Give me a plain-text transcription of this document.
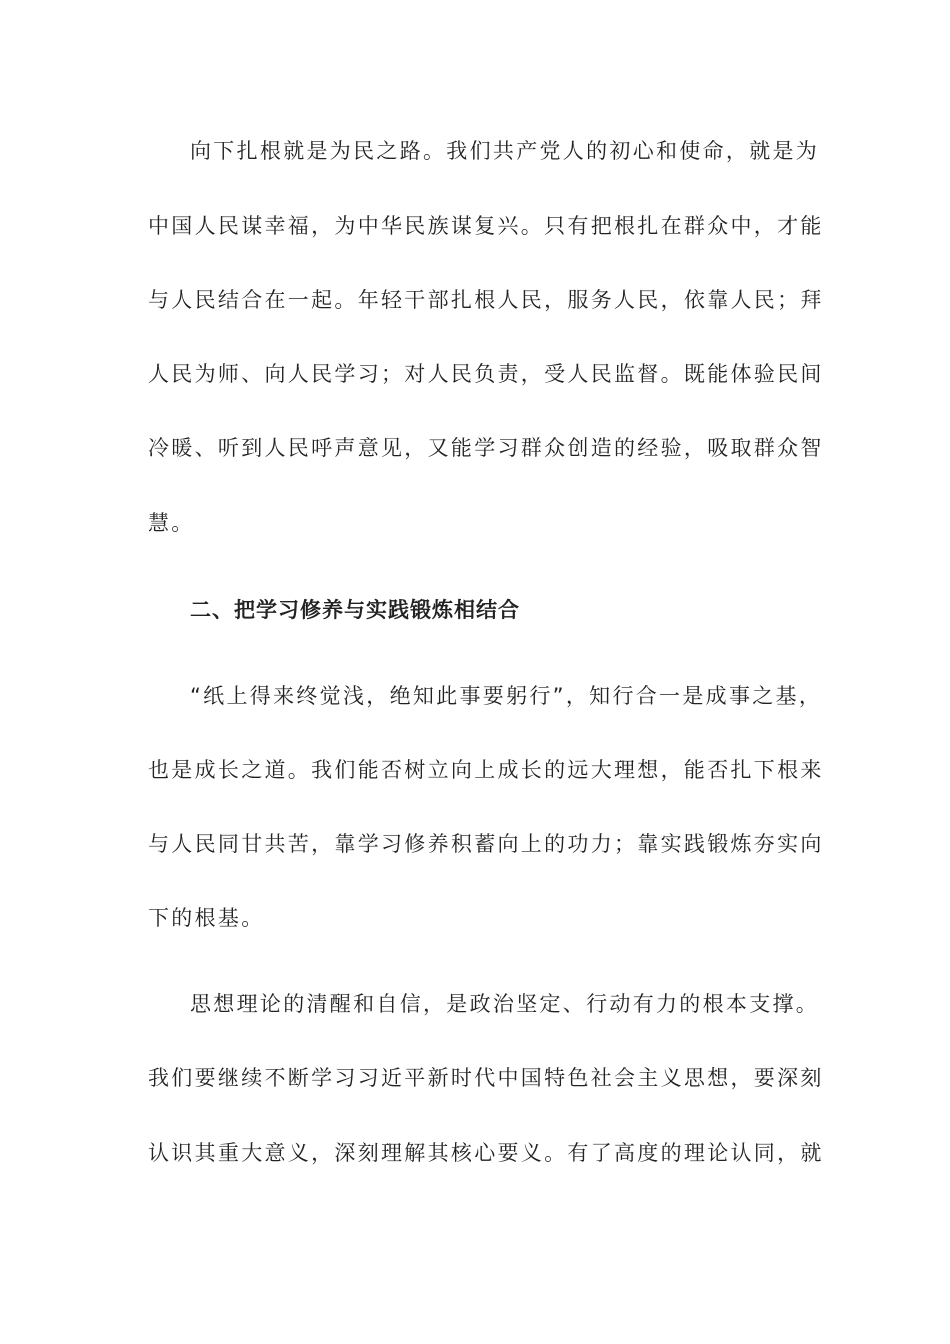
向下扎根就是为民之路。我们共产党人的初心和使命，就是为
中国人民谋幸福，为中华民族谋复兴。只有把根扎在群众中，才能
与人民结合在一起。年轻干部扎根人民，服务人民，依靠人民；拜
人民为师、向人民学习；对人民负责，受人民监督。既能体验民间
冷暖、听到人民呼声意见，又能学习群众创造的经验，吸取群众智
慧。
二、把学习修养与实践锻炼相结合
“纸上得来终觉浅，绝知此事要躬行”，知行合一是成事之基，
也是成长之道。我们能否树立向上成长的远大理想，能否扎下根来
与人民同甘共苦，靠学习修养积蓄向上的功力；靠实践锻炼夯实向
下的根基。
思想理论的清醒和自信，是政治坚定、行动有力的根本支撑。
我们要继续不断学习习近平新时代中国特色社会主义思想，要深刻
认识其重大意义，深刻理解其核心要义。有了高度的理论认同，就
